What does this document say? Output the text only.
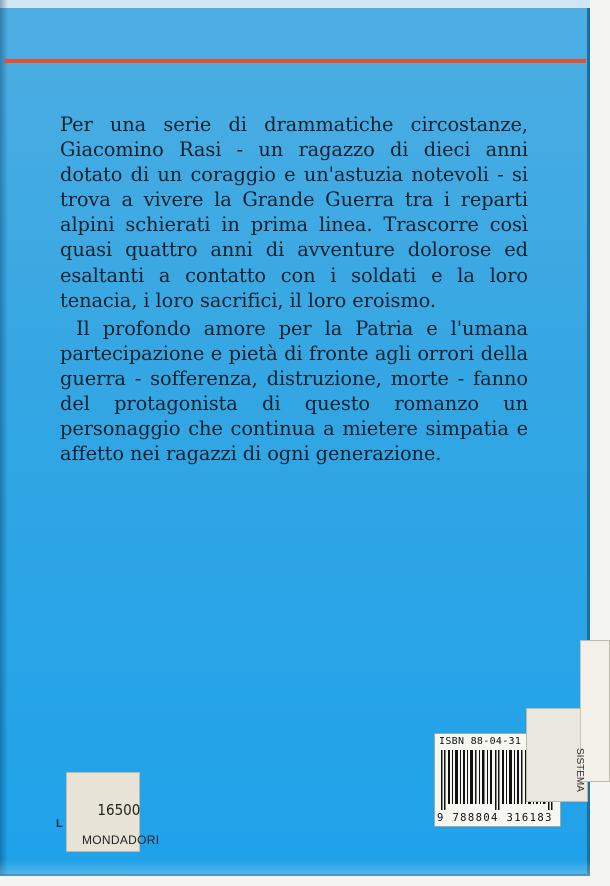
Per una serie di drammatiche circostanze, Giacomino Rasi - un ragazzo di dieci anni dotato di un coraggio e un'astuzia notevoli - si trova a vivere la Grande Guerra tra i reparti alpini schierati in prima linea. Trascorre così quasi quattro anni di avventure dolorose ed esaltanti a contatto con i soldati e la loro tenacia, i loro sacrifici, il loro eroismo.

Il profondo amore per la Patria e l'umana partecipazione e pietà di fronte agli orrori della guerra - sofferenza, distruzione, morte - fanno del protagonista di questo romanzo un personaggio che continua a mietere simpatia e affetto nei ragazzi di ogni generazione.

ISBN 88-04-31
9 788804 316183
SISTEMA
16500
MONDADORI
L
